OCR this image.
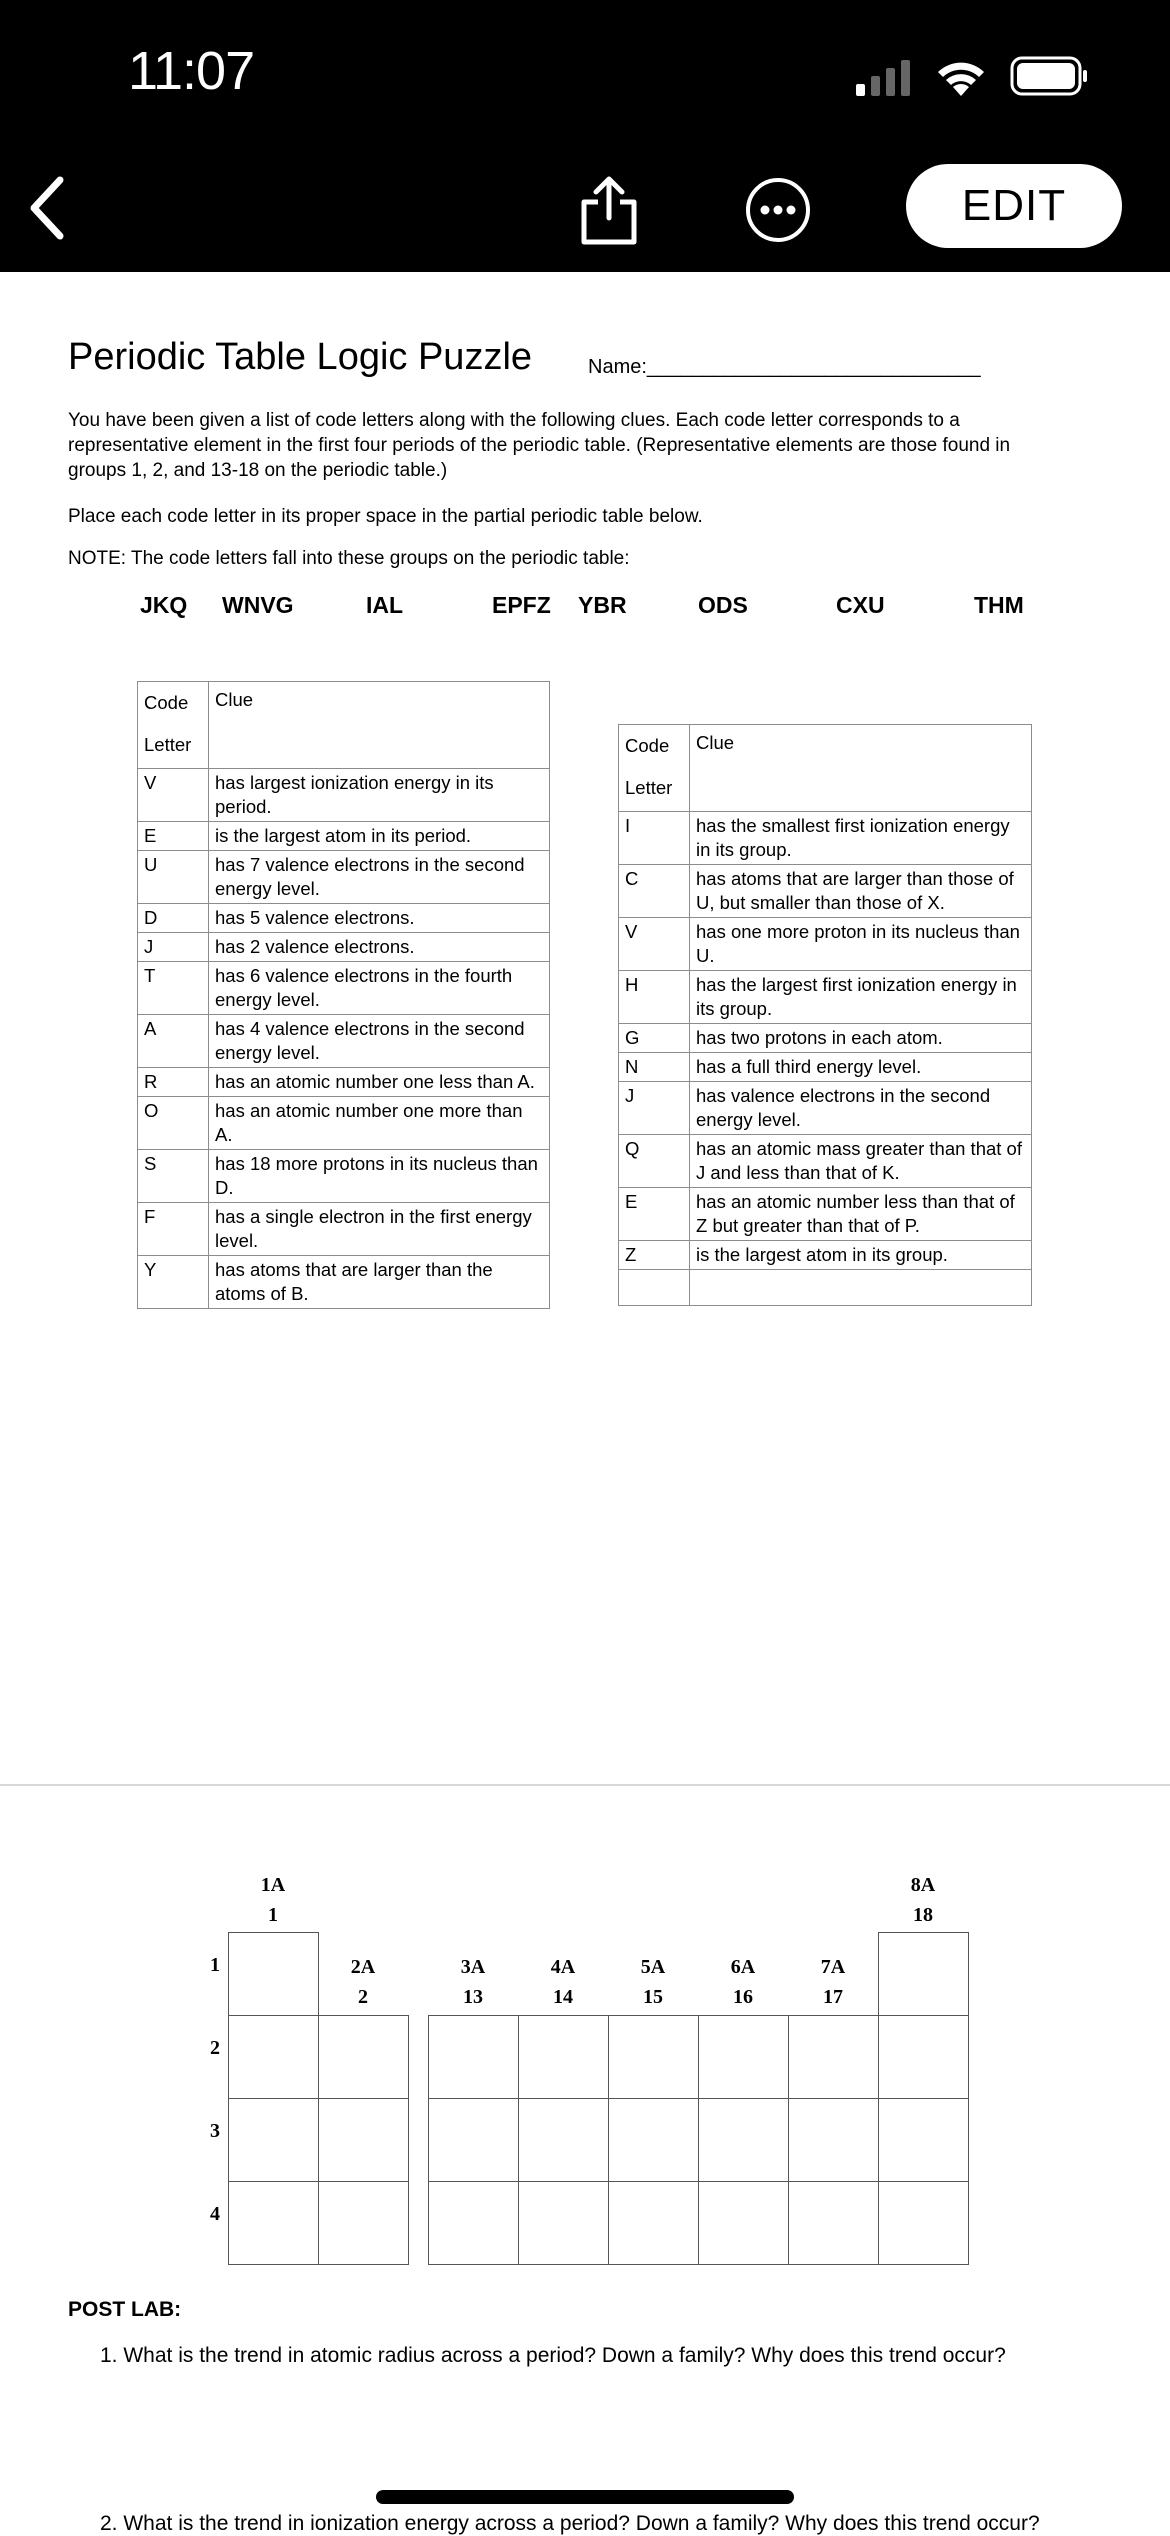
11:07
EDIT
Periodic Table Logic Puzzle	Name:______________________________

You have been given a list of code letters along with the following clues. Each code letter corresponds to a representative element in the first four periods of the periodic table. (Representative elements are those found in groups 1, 2, and 13-18 on the periodic table.)

Place each code letter in its proper space in the partial periodic table below.
NOTE: The code letters fall into these groups on the periodic table:
JKQ WNVG	IAL	EPFZ YBR	ODS	CXU	THM
Code
Letter	Clue
V	has largest ionization energy in its period.
E	is the largest atom in its period.
U	has 7 valence electrons in the second energy level.
D	has 5 valence electrons.
J	has 2 valence electrons.
T	has 6 valence electrons in the fourth energy level.
A	has 4 valence electrons in the second energy level.
R	has an atomic number one less than A.
O	has an atomic number one more than A.
S	has 18 more protons in its nucleus than D.
F	has a single electron in the first energy level.
Y	has atoms that are larger than the atoms of B.
Code
Letter	Clue
I	has the smallest first ionization energy in its group.
C	has atoms that are larger than those of U, but smaller than those of X.
V	has one more proton in its nucleus than U.
H	has the largest first ionization energy in its group.
G	has two protons in each atom.
N	has a full third energy level.
J	has valence electrons in the second energy level.
Q	has an atomic mass greater than that of J and less than that of K.
E	has an atomic number less than that of Z but greater than that of P.
Z	is the largest atom in its group.

1A
1
2A
2
3A
13
4A
14
5A
15
6A
16
7A
17
8A
18
1
2
3
4
POST LAB:
1. What is the trend in atomic radius across a period? Down a family? Why does this trend occur?
2. What is the trend in ionization energy across a period? Down a family? Why does this trend occur?
